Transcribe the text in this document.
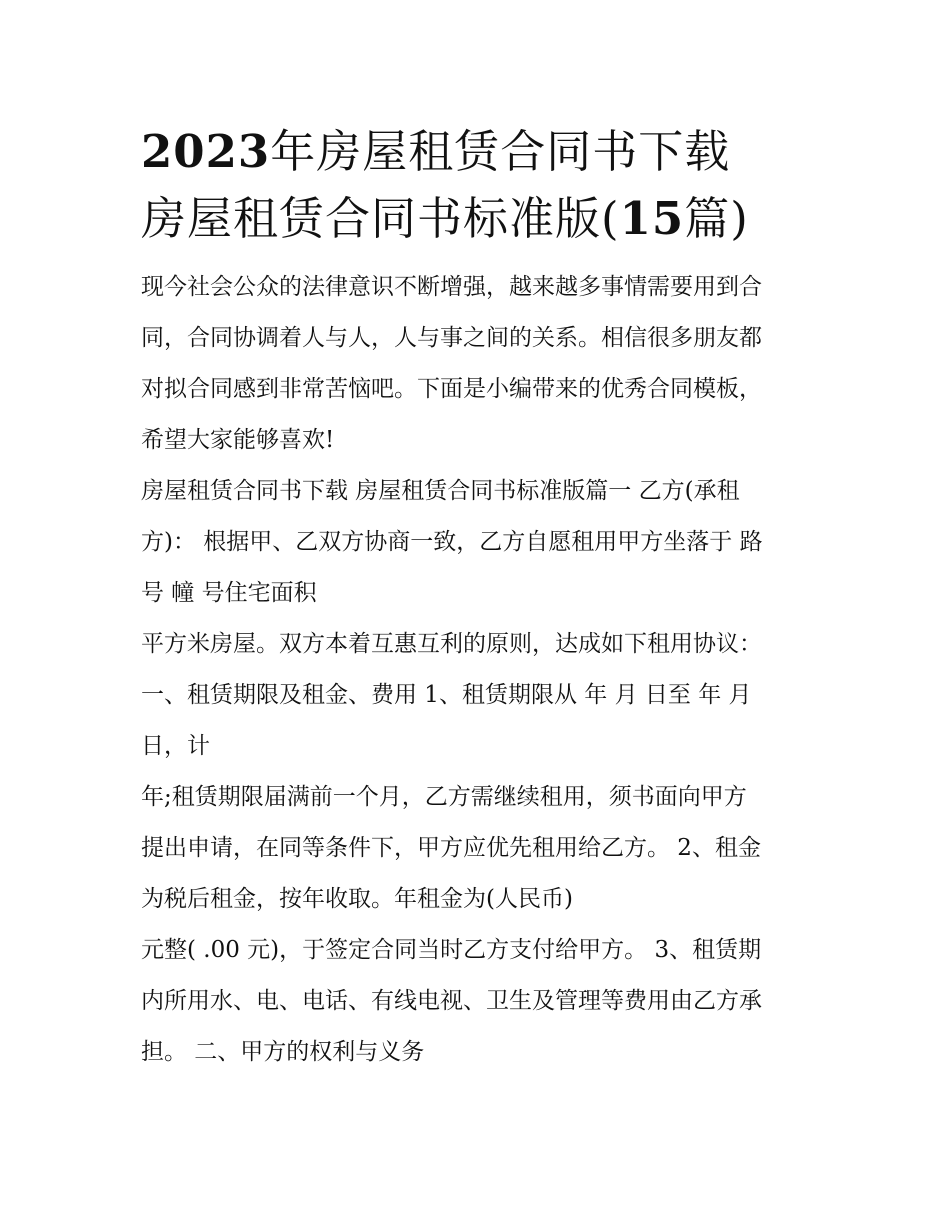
2023年房屋租赁合同书下载
房屋租赁合同书标准版(15篇)
现今社会公众的法律意识不断增强，越来越多事情需要用到合
同，合同协调着人与人，人与事之间的关系。相信很多朋友都
对拟合同感到非常苦恼吧。下面是小编带来的优秀合同模板，
希望大家能够喜欢!
房屋租赁合同书下载 房屋租赁合同书标准版篇一 乙方(承租
方)： 根据甲、乙双方协商一致，乙方自愿租用甲方坐落于 路
号 幢 号住宅面积
平方米房屋。双方本着互惠互利的原则，达成如下租用协议：
一、租赁期限及租金、费用 1、租赁期限从 年 月 日至 年 月
日，计
年;租赁期限届满前一个月，乙方需继续租用，须书面向甲方
提出申请，在同等条件下，甲方应优先租用给乙方。 2、租金
为税后租金，按年收取。年租金为(人民币)
元整( .00 元)，于签定合同当时乙方支付给甲方。 3、租赁期
内所用水、电、电话、有线电视、卫生及管理等费用由乙方承
担。 二、甲方的权利与义务
